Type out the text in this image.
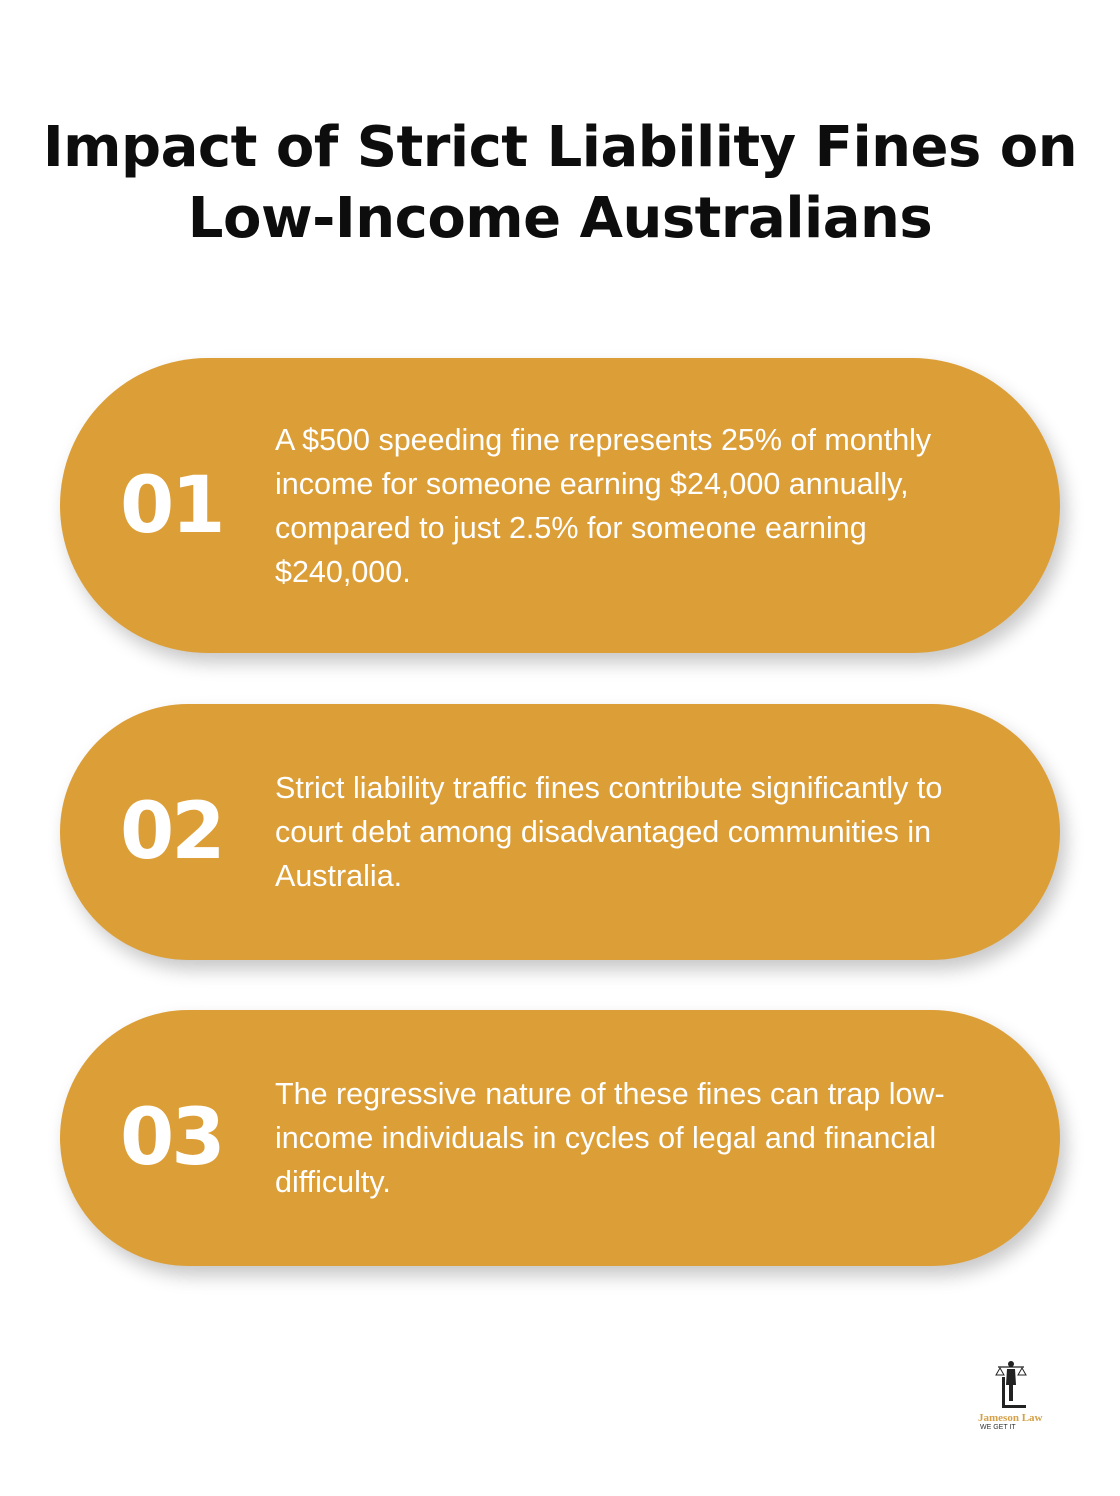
Impact of Strict Liability Fines on Low-Income Australians
01

A $500 speeding fine represents 25% of monthly income for someone earning $24,000 annually, compared to just 2.5% for someone earning $240,000.

02 Strict liability traffic fines contribute significantly to court debt among disadvantaged communities in Australia.

03 The regressive nature of these fines can trap low-income individuals in cycles of legal and financial difficulty.

Jameson Law
WE GET IT
